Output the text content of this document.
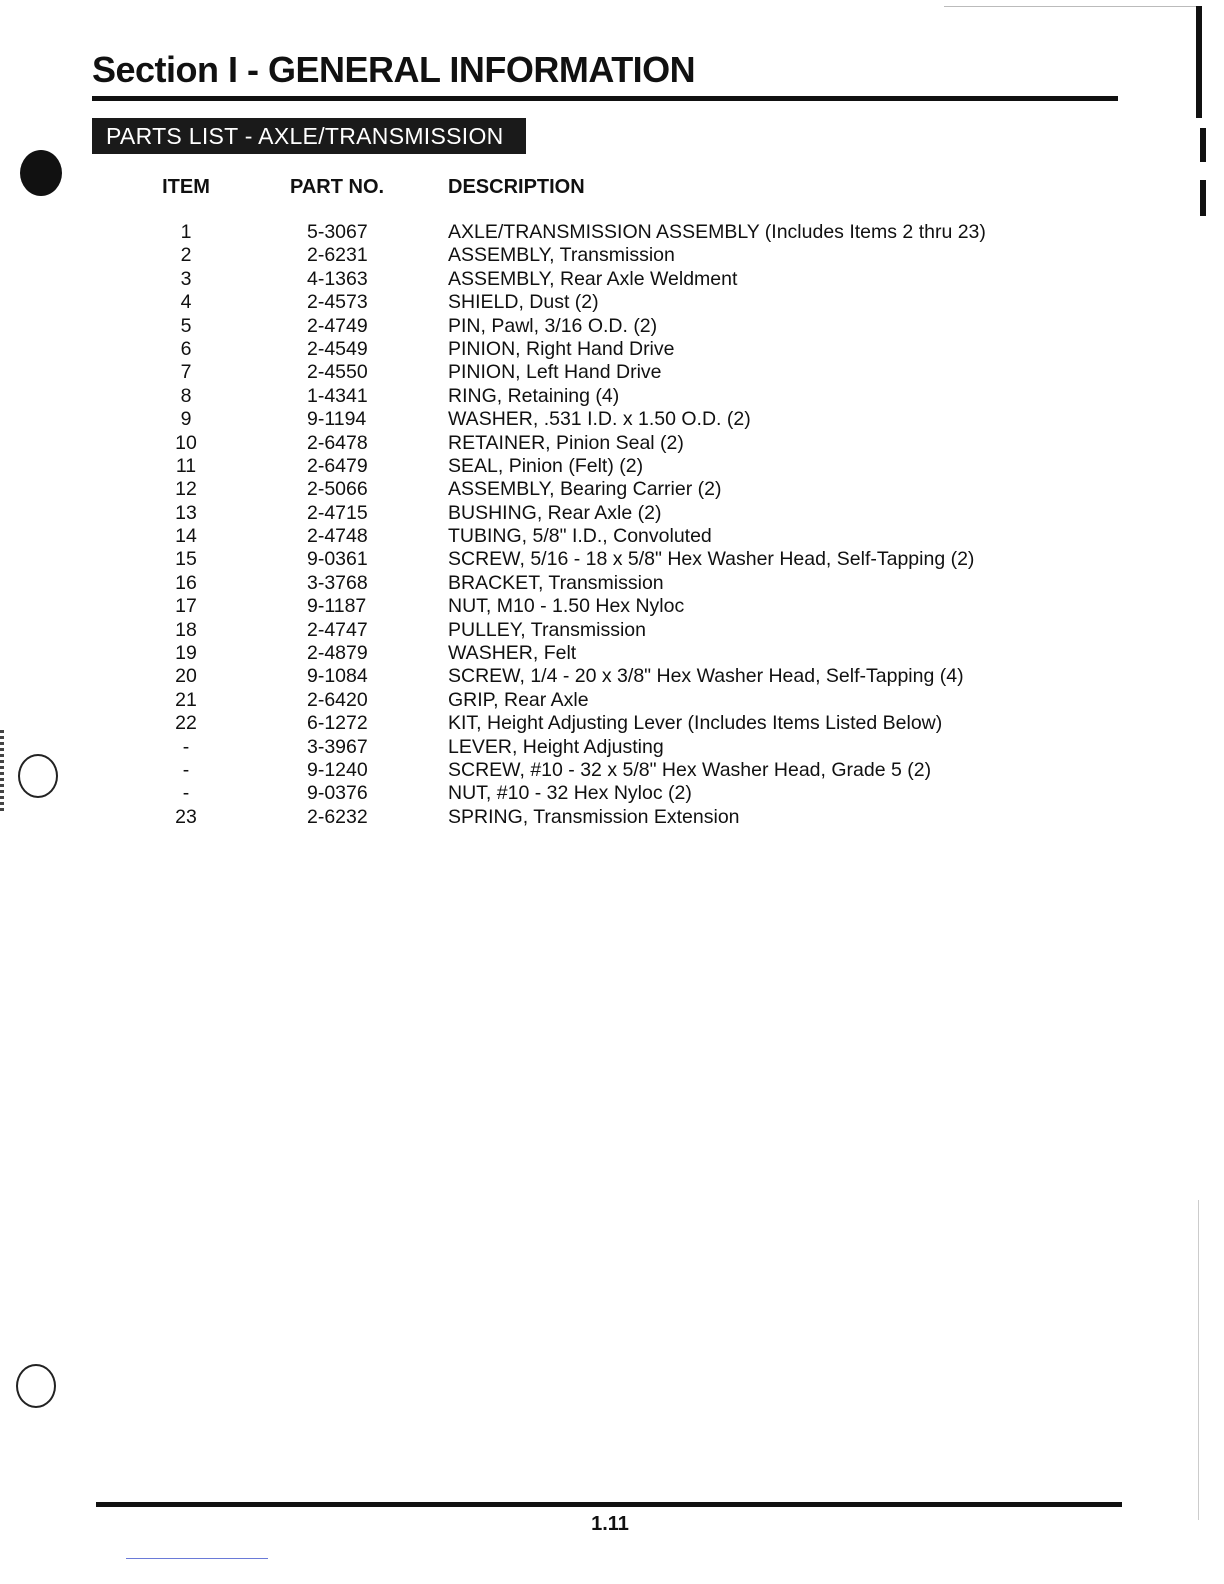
Section I - GENERAL INFORMATION
PARTS LIST - AXLE/TRANSMISSION
ITEM	PART NO.	DESCRIPTION
1	5-3067	AXLE/TRANSMISSION ASSEMBLY (Includes Items 2 thru 23)
2	2-6231	ASSEMBLY, Transmission
3	4-1363	ASSEMBLY, Rear Axle Weldment
4	2-4573	SHIELD, Dust (2)
5	2-4749	PIN, Pawl, 3/16 O.D. (2)
6	2-4549	PINION, Right Hand Drive
7	2-4550	PINION, Left Hand Drive
8	1-4341	RING, Retaining (4)
9	9-1194	WASHER, .531 I.D. x 1.50 O.D. (2)
10	2-6478	RETAINER, Pinion Seal (2)
11	2-6479	SEAL, Pinion (Felt) (2)
12	2-5066	ASSEMBLY, Bearing Carrier (2)
13	2-4715	BUSHING, Rear Axle (2)
14	2-4748	TUBING, 5/8" I.D., Convoluted
15	9-0361	SCREW, 5/16 - 18 x 5/8" Hex Washer Head, Self-Tapping (2)
16	3-3768	BRACKET, Transmission
17	9-1187	NUT, M10 - 1.50 Hex Nyloc
18	2-4747	PULLEY, Transmission
19	2-4879	WASHER, Felt
20	9-1084	SCREW, 1/4 - 20 x 3/8" Hex Washer Head, Self-Tapping (4)
21	2-6420	GRIP, Rear Axle
22	6-1272	KIT, Height Adjusting Lever (Includes Items Listed Below)
-	3-3967	LEVER, Height Adjusting
-	9-1240	SCREW, #10 - 32 x 5/8" Hex Washer Head, Grade 5 (2)
-	9-0376	NUT, #10 - 32 Hex Nyloc (2)
23	2-6232	SPRING, Transmission Extension
1.11
